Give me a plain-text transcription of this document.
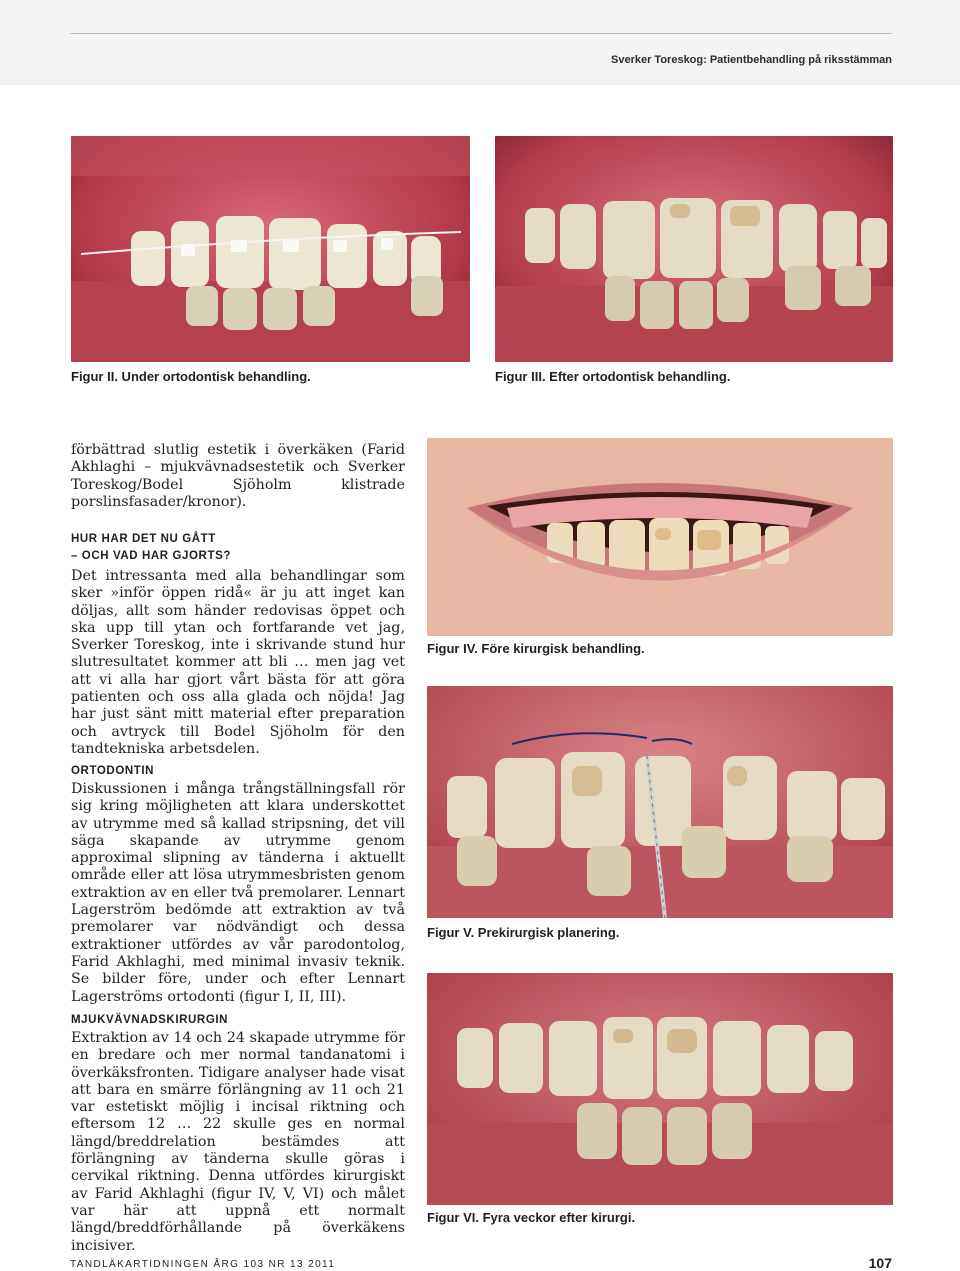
Sverker Toreskog: Patientbehandling på riksstämman
Figur II. Under ortodontisk behandling.	Figur III. Efter ortodontisk behandling.

förbättrad slutlig estetik i överkäken (Farid Akhlaghi – mjukvävnadsestetik och Sverker Toreskog/Bodel Sjöholm klistrade porslinsfasader/kronor).

HUR HAR DET NU GÅTT
– OCH VAD HAR GJORTS?

Det intressanta med alla behandlingar som sker »inför öppen ridå« är ju att inget kan döljas, allt som händer redovisas öppet och ska upp till ytan och fortfarande vet jag, Sverker Toreskog, inte i skrivande stund hur slutresultatet kommer att bli … men jag vet att vi alla har gjort vårt bästa för att göra patienten och oss alla glada och nöjda! Jag har just sänt mitt material efter preparation och avtryck till Bodel Sjöholm för den tandtekniska arbetsdelen.

ORTODONTIN

Diskussionen i många trångställningsfall rör sig kring möjligheten att klara underskottet av utrymme med så kallad stripsning, det vill säga skapande av utrymme genom approximal slipning av tänderna i aktuellt område eller att lösa utrymmesbristen genom extraktion av en eller två premolarer. Lennart Lagerström bedömde att extraktion av två premolarer var nödvändigt och dessa extraktioner utfördes av vår parodontolog, Farid Akhlaghi, med minimal invasiv teknik. Se bilder före, under och efter Lennart Lagerströms ortodonti (figur I, II, III).

MJUKVÄVNADSKIRURGIN

Extraktion av 14 och 24 skapade utrymme för en bredare och mer normal tandanatomi i överkäksfronten. Tidigare analyser hade visat att bara en smärre förlängning av 11 och 21 var estetiskt möjlig i incisal riktning och eftersom 12 … 22 skulle ges en normal längd/breddrelation bestämdes att förlängning av tänderna skulle göras i cervikal riktning. Denna utfördes kirurgiskt av Farid Akhlaghi (figur IV, V, VI) och målet var här att uppnå ett normalt längd/breddförhållande på överkäkens incisiver.

Figur IV. Före kirurgisk behandling.
Figur V. Prekirurgisk planering.
Figur VI. Fyra veckor efter kirurgi.
TANDLÄKARTIDNINGEN ÅRG 103 NR 13 2011	107
